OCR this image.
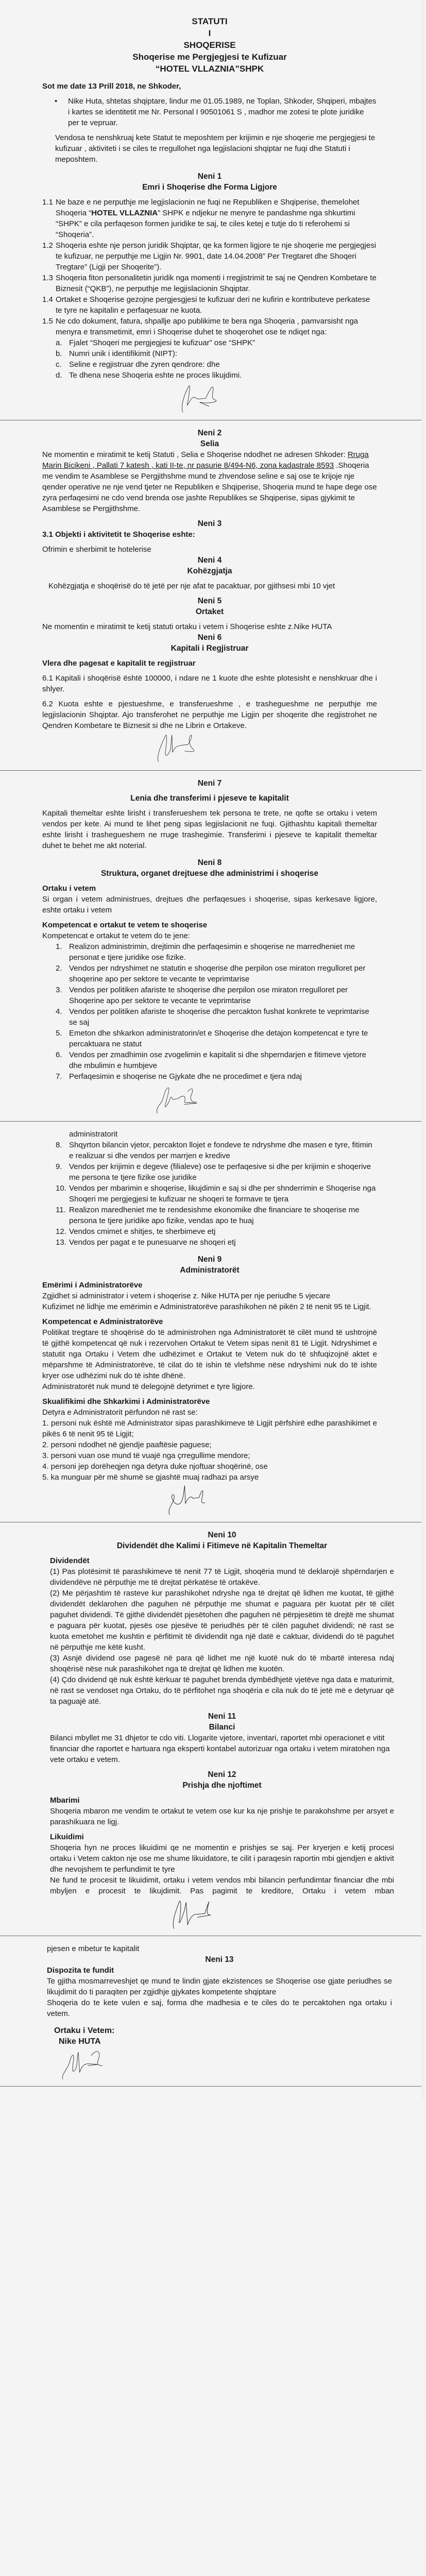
STATUTI
I
SHOQERISE
Shoqerise me Pergjegjesi te Kufizuar
“HOTEL VLLAZNIA”SHPK
Sot me date 13 Prill 2018, ne Shkoder,
•	Nike Huta, shtetas shqiptare, lindur me 01.05.1989, ne Toplan, Shkoder, Shqiperi, mbajtes i kartes se identitetit me Nr. Personal I 90501061 S , madhor me zotesi te plote juridike per te vepruar.
Vendosa te nenshkruaj kete Statut te meposhtem per krijimin e nje shoqerie me pergjegjesi te kufizuar , aktiviteti i se ciles te rregullohet nga legjislacioni shqiptar ne fuqi dhe Statuti i meposhtem.
Neni 1
Emri i Shoqerise dhe Forma Ligjore
1.1 Ne baze e ne perputhje me legjislacionin ne fuqi ne Republiken e Shqiperise, themelohet Shoqeria “HOTEL VLLAZNIA” SHPK e ndjekur ne menyre te pandashme nga shkurtimi “SHPK” e cila perfaqeson formen juridike te saj, te ciles ketej e tutje do ti referohemi si “Shoqeria”.
1.2 Shoqeria eshte nje person juridik Shqiptar, qe ka formen ligjore te nje shoqerie me pergjegjesi te kufizuar, ne perputhje me Ligjin Nr. 9901, date 14.04.2008” Per Tregtaret dhe Shoqeri Tregtare” (Ligji per Shoqerite”).
1.3 Shoqeria fiton personalitetin juridik nga momenti i rregjistrimit te saj ne Qendren Kombetare te Biznesit (“QKB”), ne perputhje me legjislacionin Shqiptar.
1.4 Ortaket e Shoqerise gezojne pergjesgjesi te kufizuar deri ne kufirin e kontributeve perkatese te tyre ne kapitalin e perfaqesuar ne kuota.
1.5 Ne cdo dokument, fatura, shpallje apo publikime te bera nga Shoqeria , pamvarsisht nga menyra e transmetimit, emri i Shoqerise duhet te shoqerohet ose te ndiqet nga:
a. Fjalet “Shoqeri me pergjegjesi te kufizuar” ose “SHPK”
b. Numri unik i identifikimit (NIPT):
c. Seline e regjistruar dhe zyren qendrore: dhe
d. Te dhena nese Shoqeria eshte ne proces likujdimi.
Neni 2
Selia
Ne momentin e miratimit te ketij Statuti , Selia e Shoqerise ndodhet ne adresen Shkoder: Rruga Marin Bicikeni , Pallati 7 katesh , kati II-te, nr pasurie 8/494-N6, zona kadastrale 8593 .Shoqeria me vendim te Asamblese se Pergjithshme mund te zhvendose seline e saj ose te krijoje nje qender operative ne nje vend tjeter ne Republiken e Shqiperise, Shoqeria mund te hape dege ose zyra perfaqesimi ne cdo vend brenda ose jashte Republikes se Shqiperise, sipas gjykimit te Asamblese se Pergjithshme.
Neni 3
3.1 Objekti i aktivitetit te Shoqerise eshte:
Ofrimin e sherbimit te hotelerise
Neni 4
Kohëzgjatja
Kohëzgjatja e shoqërisë do të jetë per nje afat te pacaktuar, por gjithsesi mbi 10 vjet
Neni 5
Ortaket
Ne momentin e miratimit te ketij statuti ortaku i vetem i Shoqerise eshte z.Nike HUTA
Neni 6
Kapitali i Regjistruar
Vlera dhe pagesat e kapitalit te regjistruar
6.1 Kapitali i shoqërisë është 100000, i ndare ne 1 kuote dhe eshte plotesisht e nenshkruar dhe i shlyer.
6.2 Kuota eshte e pjestueshme, e transferueshme , e trashegueshme ne perputhje me legjislacionin Shqiptar. Ajo transferohet ne perputhje me Ligjin per shoqerite dhe regjistrohet ne Qendren Kombetare te Biznesit si dhe ne Librin e Ortakeve.
Neni 7
Lenia dhe transferimi i pjeseve te kapitalit
Kapitali themeltar eshte lirisht i transferueshem tek persona te trete, ne qofte se ortaku i vetem vendos per kete. Ai mund te lihet peng sipas legjislacionit ne fuqi. Gjithashtu kapitali themeltar eshte lirisht i trashegueshem ne rruge trashegimie. Transferimi i pjeseve te kapitalit themeltar duhet te behet me akt noterial.
Neni 8
Struktura, organet drejtuese dhe administrimi i shoqerise
Ortaku i vetem
Si organ i vetem administrues, drejtues dhe perfaqesues i shoqerise, sipas kerkesave ligjore, eshte ortaku i vetem
Kompetencat e ortakut te vetem te shoqerise
Kompetencat e ortakut te vetem do te jene:
1. Realizon administrimin, drejtimin dhe perfaqesimin e shoqerise ne marredheniet me personat e tjere juridike ose fizike.
2. Vendos per ndryshimet ne statutin e shoqerise dhe perpilon ose miraton rregulloret per shoqerine apo per sektore te vecante te veprimtarise
3. Vendos per politiken afariste te shoqerise dhe perpilon ose miraton rregulloret per Shoqerine apo per sektore te vecante te veprimtarise
4. Vendos per politiken afariste te shoqerise dhe percakton fushat konkrete te veprimtarise se saj
5. Emeton dhe shkarkon administratorin/et e Shoqerise dhe detajon kompetencat e tyre te percaktuara ne statut
6. Vendos per zmadhimin ose zvogelimin e kapitalit si dhe shperndarjen e fitimeve vjetore dhe mbulimin e humbjeve
7. Perfaqesimin e shoqerise ne Gjykate dhe ne procedimet e tjera ndaj
administratorit
8. Shqyrton bilancin vjetor, percakton llojet e fondeve te ndryshme dhe masen e tyre, fitimin e realizuar si dhe vendos per marrjen e kredive
9. Vendos per krijimin e degeve (filialeve) ose te perfaqesive si dhe per krijimin e shoqerive me persona te tjere fizike ose juridike
10. Vendos per mbarimin e shoqerise, likujdimin e saj si dhe per shnderrimin e Shoqerise nga Shoqeri me pergjegjesi te kufizuar ne shoqeri te formave te tjera
11. Realizon maredheniet me te rendesishme ekonomike dhe financiare te shoqerise me persona te tjere juridike apo fizike, vendas apo te huaj
12. Vendos cmimet e shitjes, te sherbimeve etj
13. Vendos per pagat e te punesuarve ne shoqeri etj
Neni 9
Administratorët
Emërimi i Administratorëve
Zgjidhet si administrator i vetem i shoqerise z. Nike HUTA per nje periudhe 5 vjecare
Kufizimet në lidhje me emërimin e Administratorëve parashikohen në pikën 2 të nenit 95 të Ligjit.
Kompetencat e Administratorëve
Politikat tregtare të shoqërisë do të administrohen nga Administratorët të cilët mund të ushtrojnë të gjithë kompetencat që nuk i rezervohen Ortakut te Vetem sipas nenit 81 të Ligjit. Ndryshimet e statutit nga Ortaku i Vetem dhe udhëzimet e Ortakut te Vetem nuk do të shfuqizojnë aktet e mëparshme të Administratorëve, të cilat do të ishin të vlefshme nëse ndryshimi nuk do të ishte kryer ose udhëzimi nuk do të ishte dhënë.
Administratorët nuk mund të delegojnë detyrimet e tyre ligjore.
Skualifikimi dhe Shkarkimi i Administratorëve
Detyra e Administratorit përfundon në rast se:
1. personi nuk është më Administrator sipas parashikimeve të Ligjit përfshirë edhe parashikimet e pikës 6 të nenit 95 të Ligjit;
2. personi ndodhet në gjendje paaftësie paguese;
3. personi vuan ose mund të vuajë nga çrregullime mendore;
4. personi jep dorëheqjen nga detyra duke njoftuar shoqërinë, ose
5. ka munguar për më shumë se gjashtë muaj radhazi pa arsye
Neni 10
Dividendët dhe Kalimi i Fitimeve në Kapitalin Themeltar
Dividendët
(1) Pas plotësimit të parashikimeve të nenit 77 të Ligjit, shoqëria mund të deklarojë shpërndarjen e dividendëve në përputhje me të drejtat përkatëse të ortakëve.
(2) Me përjashtim të rasteve kur parashikohet ndryshe nga të drejtat që lidhen me kuotat, të gjithë dividendët deklarohen dhe paguhen në përputhje me shumat e paguara për kuotat për të cilët paguhet dividendi. Të gjithë dividendët pjesëtohen dhe paguhen në përpjesëtim të drejtë me shumat e paguara për kuotat, pjesës ose pjesëve të periudhës për të cilën paguhet dividendi; në rast se kuota emetohet me kushtin e përfitimit të dividendit nga një datë e caktuar, dividendi do të paguhet në përputhje me këtë kusht.
(3) Asnjë dividend ose pagesë në para që lidhet me një kuotë nuk do të mbartë interesa ndaj shoqërisë nëse nuk parashikohet nga të drejtat që lidhen me kuotën.
(4) Çdo dividend që nuk është kërkuar të paguhet brenda dymbëdhjetë vjetëve nga data e maturimit, në rast se vendoset nga Ortaku, do të përfitohet nga shoqëria e cila nuk do të jetë më e detyruar që ta paguajë atë.
Neni 11
Bilanci
Bilanci mbyllet me 31 dhjetor te cdo viti. Llogarite vjetore, inventari, raportet mbi operacionet e vitit financiar dhe raportet e hartuara nga eksperti kontabel autorizuar nga ortaku i vetem miratohen nga vete ortaku e vetem.
Neni 12
Prishja dhe njoftimet
Mbarimi
Shoqeria mbaron me vendim te ortakut te vetem ose kur ka nje prishje te parakohshme per arsyet e parashikuara ne ligj.
Likuidimi
Shoqeria hyn ne proces likuidimi qe ne momentin e prishjes se saj. Per kryerjen e ketij procesi ortaku i Vetem cakton nje ose me shume likuidatore, te cilit i paraqesin raportin mbi gjendjen e aktivit dhe nevojshem te perfundimit te tyre
Ne fund te procesit te likuidimit, ortaku i vetem vendos mbi bilancin perfundimtar financiar dhe mbi mbyljen e procesit te likujdimit. Pas pagimit te kreditore, Ortaku i vetem mban
pjesen e mbetur te kapitalit
Neni 13
Dispozita te fundit
Te gjitha mosmarreveshjet qe mund te lindin gjate ekzistences se Shoqerise ose gjate periudhes se likujdimit do ti paraqiten per zgjidhje gjykates kompetente shqiptare
Shoqeria do te kete vulen e saj, forma dhe madhesia e te ciles do te percaktohen nga ortaku i vetem.
Ortaku i Vetem:
Nike HUTA
